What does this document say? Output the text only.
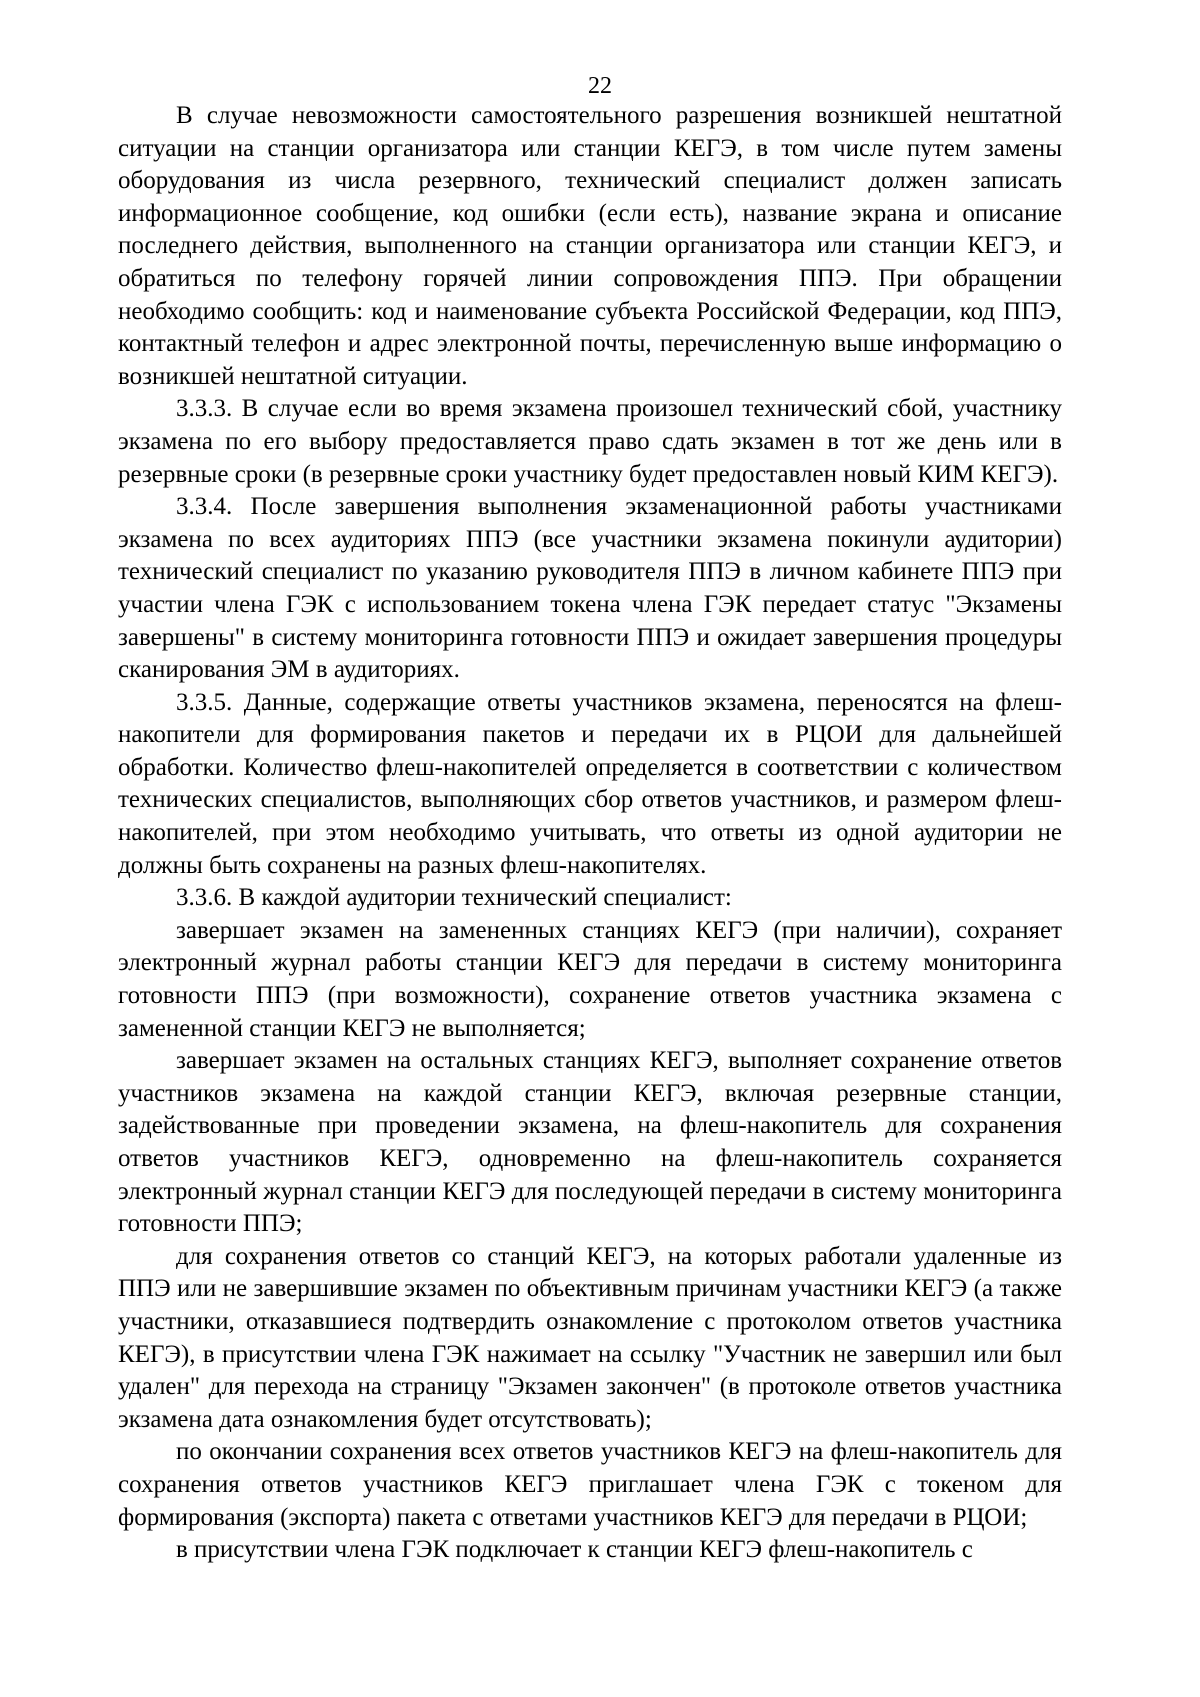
22

В случае невозможности самостоятельного разрешения возникшей нештатной ситуации на станции организатора или станции КЕГЭ, в том числе путем замены оборудования из числа резервного, технический специалист должен записать информационное сообщение, код ошибки (если есть), название экрана и описание последнего действия, выполненного на станции организатора или станции КЕГЭ, и обратиться по телефону горячей линии сопровождения ППЭ. При обращении необходимо сообщить: код и наименование субъекта Российской Федерации, код ППЭ, контактный телефон и адрес электронной почты, перечисленную выше информацию о возникшей нештатной ситуации.

3.3.3. В случае если во время экзамена произошел технический сбой, участнику экзамена по его выбору предоставляется право сдать экзамен в тот же день или в резервные сроки (в резервные сроки участнику будет предоставлен новый КИМ КЕГЭ).

3.3.4. После завершения выполнения экзаменационной работы участниками экзамена по всех аудиториях ППЭ (все участники экзамена покинули аудитории) технический специалист по указанию руководителя ППЭ в личном кабинете ППЭ при участии члена ГЭК с использованием токена члена ГЭК передает статус "Экзамены завершены" в систему мониторинга готовности ППЭ и ожидает завершения процедуры сканирования ЭМ в аудиториях.

3.3.5. Данные, содержащие ответы участников экзамена, переносятся на флеш-накопители для формирования пакетов и передачи их в РЦОИ для дальнейшей обработки. Количество флеш-накопителей определяется в соответствии с количеством технических специалистов, выполняющих сбор ответов участников, и размером флеш-накопителей, при этом необходимо учитывать, что ответы из одной аудитории не должны быть сохранены на разных флеш-накопителях.

3.3.6. В каждой аудитории технический специалист:

завершает экзамен на замененных станциях КЕГЭ (при наличии), сохраняет электронный журнал работы станции КЕГЭ для передачи в систему мониторинга готовности ППЭ (при возможности), сохранение ответов участника экзамена с замененной станции КЕГЭ не выполняется;

завершает экзамен на остальных станциях КЕГЭ, выполняет сохранение ответов участников экзамена на каждой станции КЕГЭ, включая резервные станции, задействованные при проведении экзамена, на флеш-накопитель для сохранения ответов участников КЕГЭ, одновременно на флеш-накопитель сохраняется электронный журнал станции КЕГЭ для последующей передачи в систему мониторинга готовности ППЭ;

для сохранения ответов со станций КЕГЭ, на которых работали удаленные из ППЭ или не завершившие экзамен по объективным причинам участники КЕГЭ (а также участники, отказавшиеся подтвердить ознакомление с протоколом ответов участника КЕГЭ), в присутствии члена ГЭК нажимает на ссылку "Участник не завершил или был удален" для перехода на страницу "Экзамен закончен" (в протоколе ответов участника экзамена дата ознакомления будет отсутствовать);

по окончании сохранения всех ответов участников КЕГЭ на флеш-накопитель для сохранения ответов участников КЕГЭ приглашает члена ГЭК с токеном для формирования (экспорта) пакета с ответами участников КЕГЭ для передачи в РЦОИ;

в присутствии члена ГЭК подключает к станции КЕГЭ флеш-накопитель с
